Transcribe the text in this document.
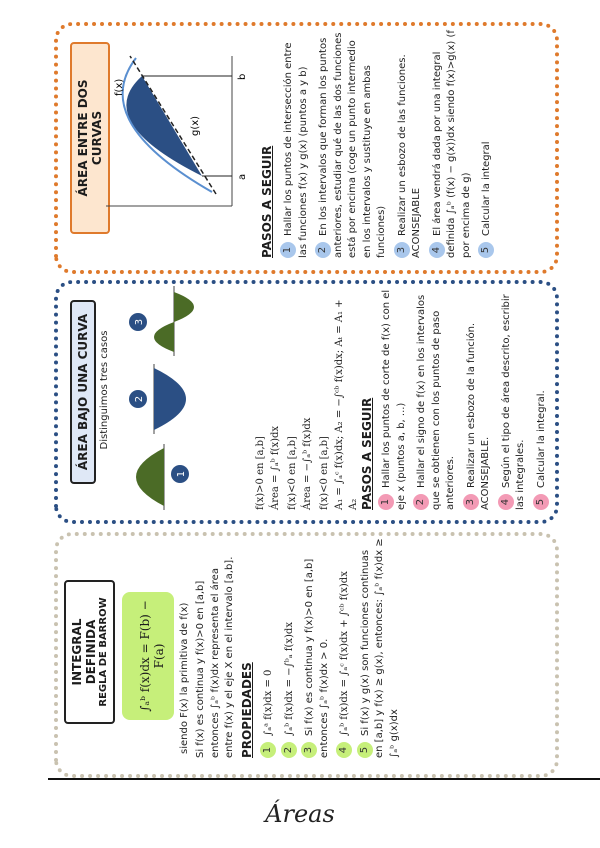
INTEGRAL DEFINIDA REGLA DE BARROW ∫ₐᵇ f(x)dx = F(b) − F(a) siendo F(x) la primitiva de f(x) Si f(x) es continua y f(x)>0 en [a,b] entonces ∫ₐᵇ f(x)dx representa el área entre f(x) y el eje X en el intervalo [a,b]. PROPIEDADES 1∫ₐᵃ f(x)dx = 0
2∫ₐᵇ f(x)dx = −∫ᵇₐ f(x)dx
3Si f(x) es continua y f(x)>0 en [a,b] entonces ∫ₐᵇ f(x)dx > 0. 4∫ₐᵇ f(x)dx = ∫ₐᶜ f(x)dx + ∫ᶜᵇ f(x)dx
5Si f(x) y g(x) son funciones continuas en [a,b] y f(x) ≥ g(x), entonces: ∫ₐᵇ f(x)dx ≥ ∫ₐᵇ g(x)dx
ÁREA BAJO UNA CURVA Distinguimos tres casos
1
2
3
f(x)>0 en [a,b] Área = ∫ₐᵇ f(x)dx f(x)<0 en [a,b] Área = −∫ₐᵇ f(x)dx f(x)<0 en [a,b] A₁ = ∫ₐᶜ f(x)dx; A₂ = −∫ᶜᵇ f(x)dx; Aₜ = A₁ + A₂ PASOS A SEGUIR 1Hallar los puntos de corte de f(x) con el eje x (puntos a, b, ...) 2Hallar el signo de f(x) en los intervalos que se obtienen con los puntos de paso anteriores. 3Realizar un esbozo de la función. ACONSEJABLE. 4Según el tipo de área descrito, escribir las integrales. 5Calcular la integral.
ÁREA ENTRE DOS CURVAS
a
b
f(x)
g(x)
PASOS A SEGUIR 1Hallar los puntos de intersección entre las funciones f(x) y g(x) (puntos a y b) 2En los intervalos que forman los puntos anteriores, estudiar qué de las dos funciones está por encima (coge un punto intermedio en los intervalos y sustituye en ambas funciones) 3Realizar un esbozo de las funciones. ACONSEJABLE 4El área vendrá dada por una integral definida ∫ₐᵇ (f(x) − g(x))dx siendo f(x)>g(x) (f por encima de g) 5Calcular la integral
Áreas
